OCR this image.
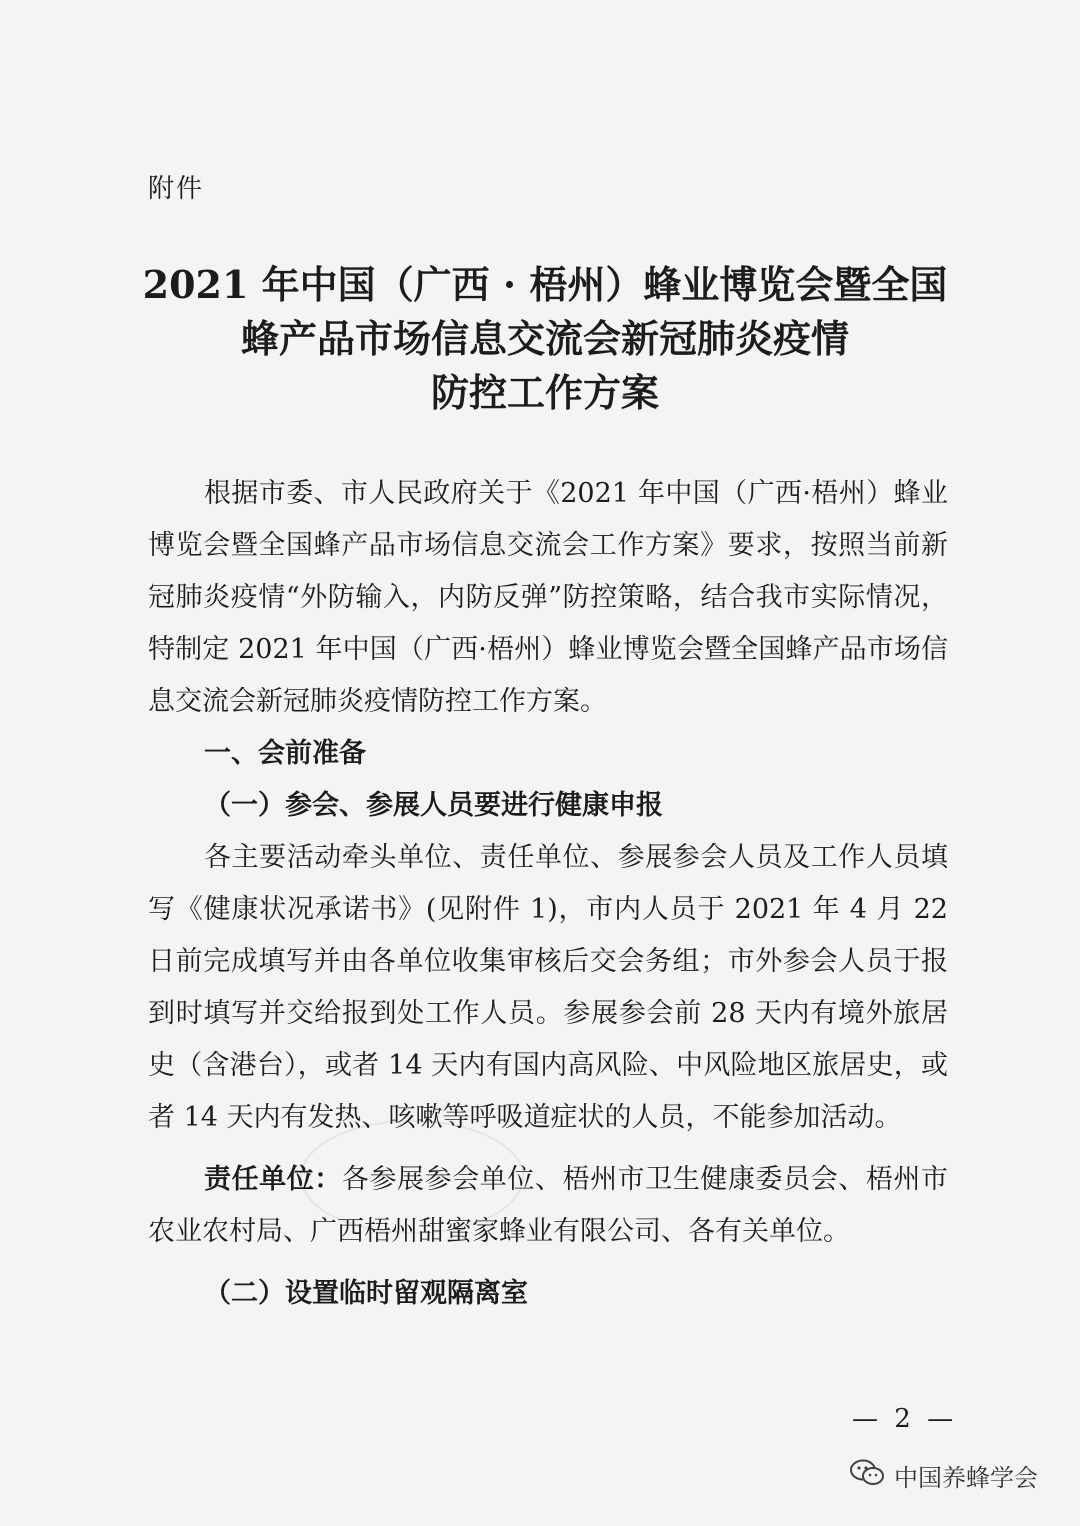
附件
2021 年中国（广西 · 梧州）蜂业博览会暨全国
蜂产品市场信息交流会新冠肺炎疫情
防控工作方案

根据市委、市人民政府关于《2021 年中国（广西·梧州）蜂业博览会暨全国蜂产品市场信息交流会工作方案》要求，按照当前新冠肺炎疫情“外防输入，内防反弹”防控策略，结合我市实际情况，特制定 2021 年中国（广西·梧州）蜂业博览会暨全国蜂产品市场信息交流会新冠肺炎疫情防控工作方案。

一、会前准备

（一）参会、参展人员要进行健康申报

各主要活动牵头单位、责任单位、参展参会人员及工作人员填写《健康状况承诺书》(见附件 1)，市内人员于 2021 年 4 月 22 日前完成填写并由各单位收集审核后交会务组；市外参会人员于报到时填写并交给报到处工作人员。参展参会前 28 天内有境外旅居史（含港台），或者 14 天内有国内高风险、中风险地区旅居史，或者 14 天内有发热、咳嗽等呼吸道症状的人员，不能参加活动。

责任单位：各参展参会单位、梧州市卫生健康委员会、梧州市农业农村局、广西梧州甜蜜家蜂业有限公司、各有关单位。

（二）设置临时留观隔离室

— 2 —
中国养蜂学会
